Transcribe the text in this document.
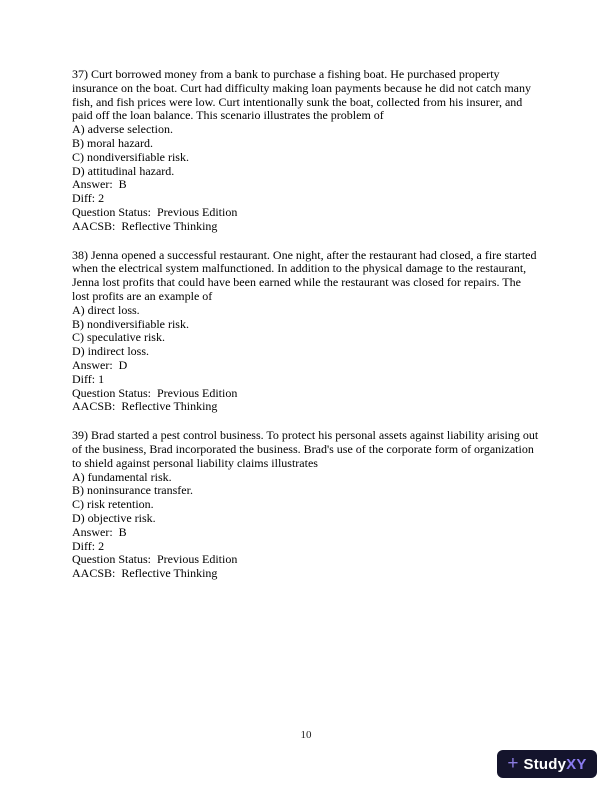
37) Curt borrowed money from a bank to purchase a fishing boat. He purchased property
insurance on the boat. Curt had difficulty making loan payments because he did not catch many
fish, and fish prices were low. Curt intentionally sunk the boat, collected from his insurer, and
paid off the loan balance. This scenario illustrates the problem of
A) adverse selection.
B) moral hazard.
C) nondiversifiable risk.
D) attitudinal hazard.
Answer:  B
Diff: 2
Question Status:  Previous Edition
AACSB:  Reflective Thinking
38) Jenna opened a successful restaurant. One night, after the restaurant had closed, a fire started
when the electrical system malfunctioned. In addition to the physical damage to the restaurant,
Jenna lost profits that could have been earned while the restaurant was closed for repairs. The
lost profits are an example of
A) direct loss.
B) nondiversifiable risk.
C) speculative risk.
D) indirect loss.
Answer:  D
Diff: 1
Question Status:  Previous Edition
AACSB:  Reflective Thinking
39) Brad started a pest control business. To protect his personal assets against liability arising out
of the business, Brad incorporated the business. Brad's use of the corporate form of organization
to shield against personal liability claims illustrates
A) fundamental risk.
B) noninsurance transfer.
C) risk retention.
D) objective risk.
Answer:  B
Diff: 2
Question Status:  Previous Edition
AACSB:  Reflective Thinking
10
+ Study XY
